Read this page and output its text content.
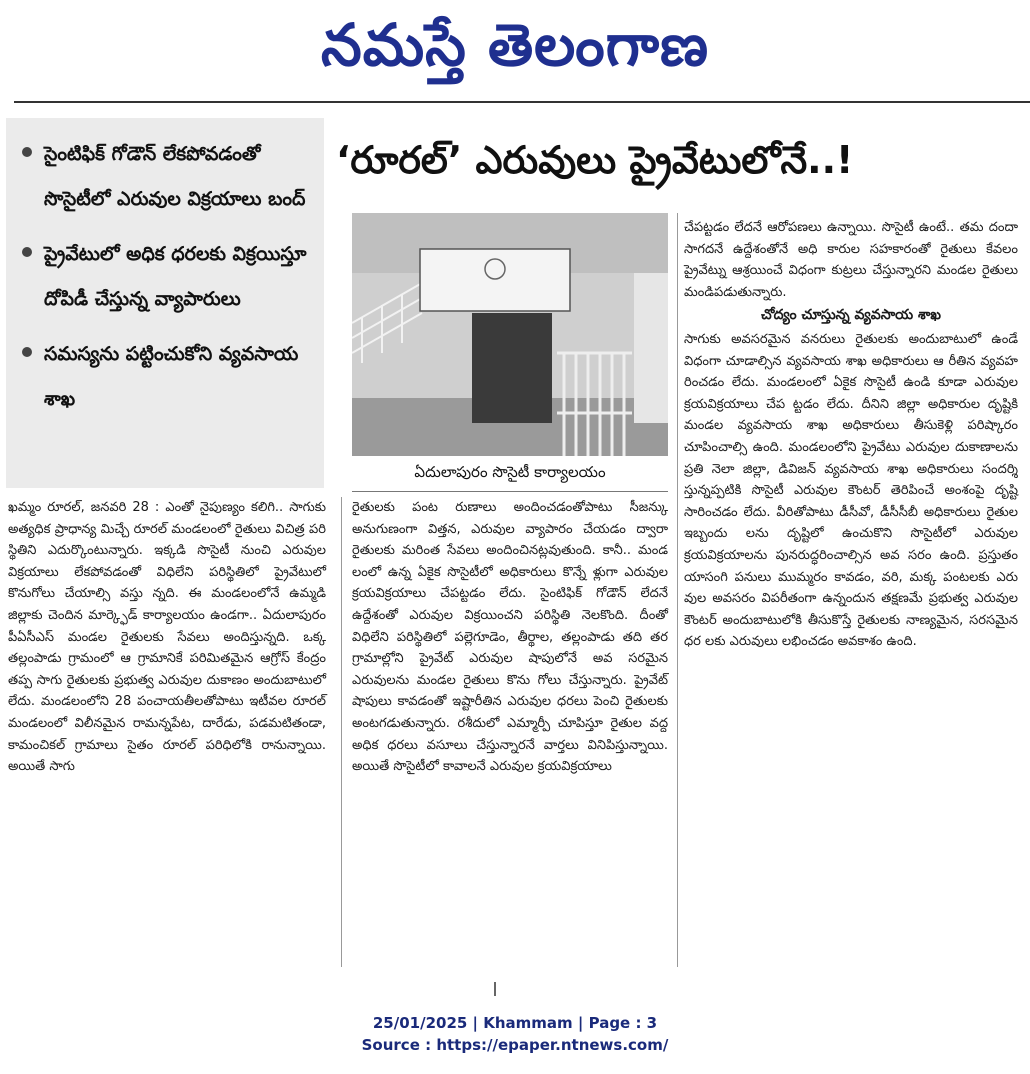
నమస్తే తెలంగాణ
సైంటిఫిక్ గోడౌన్ లేకపోవడంతో సొసైటీలో ఎరువుల విక్రయాలు బంద్
ప్రైవేటులో అధిక ధరలకు విక్రయిస్తూ దోపిడీ చేస్తున్న వ్యాపారులు
సమస్యను పట్టించుకోని వ్యవసాయ శాఖ
‘రూరల్’ ఎరువులు ప్రైవేటులోనే..!
ఏదులాపురం సొసైటీ కార్యాలయం

ఖమ్మం రూరల్, జనవరి 28 : ఎంతో నైపుణ్యం కలిగి.. సాగుకు అత్యధిక ప్రాధాన్య మిచ్చే రూరల్ మండలంలో రైతులు విచిత్ర పరి స్థితిని ఎదుర్కొంటున్నారు. ఇక్కడి సొసైటీ నుంచి ఎరువుల విక్రయాలు లేకపోవడంతో విధిలేని పరిస్థితిలో ప్రైవేటులో కొనుగోలు చేయాల్సి వస్తు న్నది. ఈ మండలంలోనే ఉమ్మడి జిల్లాకు చెందిన మార్క్ఫెడ్ కార్యాలయం ఉండగా.. ఏదులాపురం పీఏసీఎస్ మండల రైతులకు సేవలు అందిస్తున్నది. ఒక్క తల్లంపాడు గ్రామంలో ఆ గ్రామానికే పరిమితమైన ఆగ్రోస్ కేంద్రం తప్ప సాగు రైతులకు ప్రభుత్వ ఎరువుల దుకాణం అందుబాటులో లేదు. మండలంలోని 28 పంచాయతీలతోపాటు ఇటీవల రూరల్ మండలంలో విలీనమైన రామన్నపేట, దారేడు, పడమటితండా, కామంచికల్ గ్రామాలు సైతం రూరల్ పరిధిలోకి రానున్నాయి. అయితే సాగు

రైతులకు పంట రుణాలు అందించడంతోపాటు సీజన్కు అనుగుణంగా విత్తన, ఎరువుల వ్యాపారం చేయడం ద్వారా రైతులకు మరింత సేవలు అందించినట్లవుతుంది. కానీ.. మండ లంలో ఉన్న ఏకైక సొసైటీలో అధికారులు కొన్నే ళ్లుగా ఎరువుల క్రయవిక్రయాలు చేపట్టడం లేదు. సైంటిఫిక్ గోడౌన్ లేదనే ఉద్దేశంతో ఎరువుల విక్రయించని పరిస్థితి నెలకొంది. దీంతో విధిలేని పరిస్థితిలో పల్లెగూడెం, తీర్థాల, తల్లంపాడు తది తర గ్రామాల్లోని ప్రైవేట్ ఎరువుల షాపులోనే అవ సరమైన ఎరువులను మండల రైతులు కొను గోలు చేస్తున్నారు. ప్రైవేట్ షాపులు కావడంతో ఇష్టారీతిన ఎరువుల ధరలు పెంచి రైతులకు అంటగడుతున్నారు. రశీదులో ఎమ్మార్పీ చూపిస్తూ రైతుల వద్ద అధిక ధరలు వసూలు చేస్తున్నారనే వార్తలు వినిపిస్తున్నాయి. అయితే సొసైటీలో కావాలనే ఎరువుల క్రయవిక్రయాలు

చేపట్టడం లేదనే ఆరోపణలు ఉన్నాయి. సొసైటీ ఉంటే.. తమ దందా సాగదనే ఉద్దేశంతోనే అధి కారుల సహకారంతో రైతులు కేవలం ప్రైవేట్ను ఆశ్రయించే విధంగా కుట్రలు చేస్తున్నారని మండల రైతులు మండిపడుతున్నారు.

చోద్యం చూస్తున్న వ్యవసాయ శాఖ

సాగుకు అవసరమైన వనరులు రైతులకు అందుబాటులో ఉండే విధంగా చూడాల్సిన వ్యవసాయ శాఖ అధికారులు ఆ రీతిన వ్యవహ రించడం లేదు. మండలంలో ఏకైక సొసైటీ ఉండి కూడా ఎరువుల క్రయవిక్రయాలు చేప ట్టడం లేదు. దీనిని జిల్లా అధికారుల దృష్టికి మండల వ్యవసాయ శాఖ అధికారులు తీసుకెళ్లి పరిష్కారం చూపించాల్సి ఉంది. మండలంలోని ప్రైవేటు ఎరువుల దుకాణాలను ప్రతి నెలా జిల్లా, డివిజన్ వ్యవసాయ శాఖ అధికారులు సందర్శి స్తున్నప్పటికి సొసైటీ ఎరువుల కౌంటర్ తెరిపించే అంశంపై దృష్టి సారించడం లేదు. వీరితోపాటు డీసీవో, డీసీసీబీ అధికారులు రైతుల ఇబ్బందు లను దృష్టిలో ఉంచుకొని సొసైటీలో ఎరువుల క్రయవిక్రయాలను పునరుద్ధరించాల్సిన అవ సరం ఉంది. ప్రస్తుతం యాసంగి పనులు ముమ్మరం కావడం, వరి, మక్క పంటలకు ఎరు వుల అవసరం విపరీతంగా ఉన్నందున తక్షణమే ప్రభుత్వ ఎరువుల కౌంటర్ అందుబాటులోకి తీసుకొస్తే రైతులకు నాణ్యమైన, సరసమైన ధర లకు ఎరువులు లభించడం అవకాశం ఉంది.

25/01/2025 | Khammam | Page : 3
Source : https://epaper.ntnews.com/
